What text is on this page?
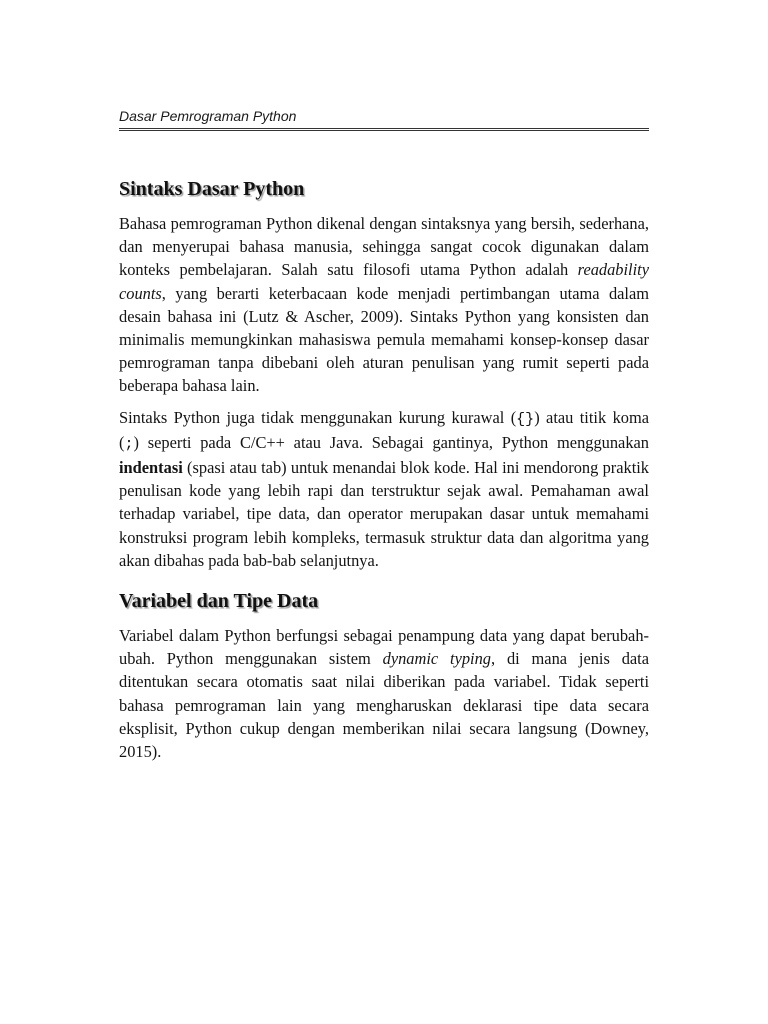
Dasar Pemrograman Python
Sintaks Dasar Python

Bahasa pemrograman Python dikenal dengan sintaksnya yang bersih, sederhana, dan menyerupai bahasa manusia, sehingga sangat cocok digunakan dalam konteks pembelajaran. Salah satu filosofi utama Python adalah readability counts, yang berarti keterbacaan kode menjadi pertimbangan utama dalam desain bahasa ini (Lutz & Ascher, 2009). Sintaks Python yang konsisten dan minimalis memungkinkan mahasiswa pemula memahami konsep-konsep dasar pemrograman tanpa dibebani oleh aturan penulisan yang rumit seperti pada beberapa bahasa lain.

Sintaks Python juga tidak menggunakan kurung kurawal ({}) atau titik koma (;) seperti pada C/C++ atau Java. Sebagai gantinya, Python menggunakan indentasi (spasi atau tab) untuk menandai blok kode. Hal ini mendorong praktik penulisan kode yang lebih rapi dan terstruktur sejak awal. Pemahaman awal terhadap variabel, tipe data, dan operator merupakan dasar untuk memahami konstruksi program lebih kompleks, termasuk struktur data dan algoritma yang akan dibahas pada bab-bab selanjutnya.

Variabel dan Tipe Data

Variabel dalam Python berfungsi sebagai penampung data yang dapat berubah-ubah. Python menggunakan sistem dynamic typing, di mana jenis data ditentukan secara otomatis saat nilai diberikan pada variabel. Tidak seperti bahasa pemrograman lain yang mengharuskan deklarasi tipe data secara eksplisit, Python cukup dengan memberikan nilai secara langsung (Downey, 2015).
